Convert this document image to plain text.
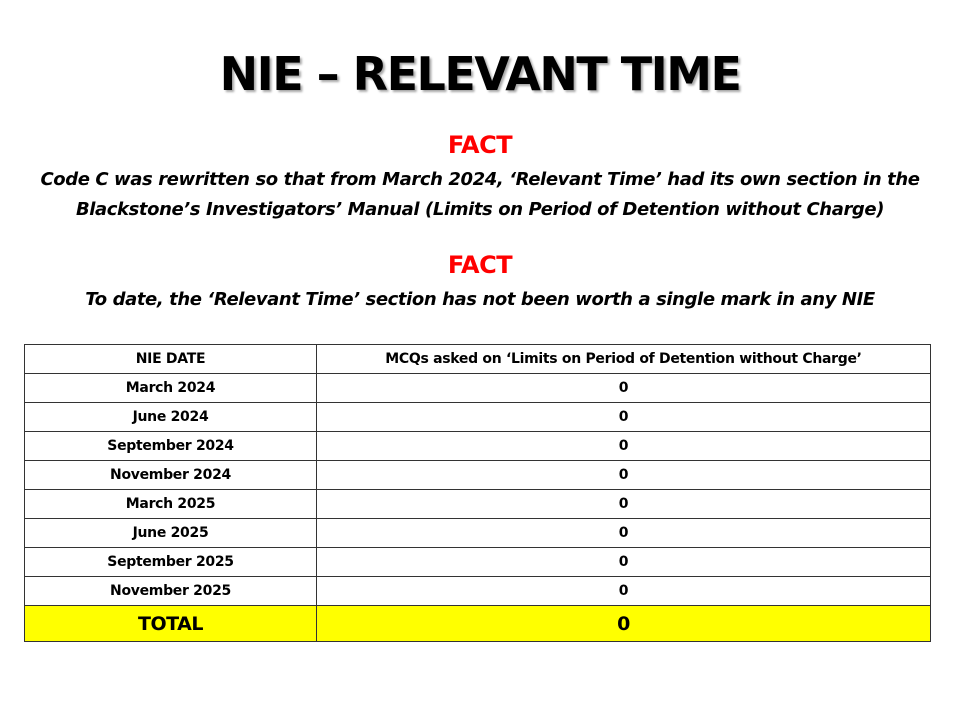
NIE – RELEVANT TIME
FACT
Code C was rewritten so that from March 2024, ‘Relevant Time’ had its own section in the
Blackstone’s Investigators’ Manual (Limits on Period of Detention without Charge)
FACT
To date, the ‘Relevant Time’ section has not been worth a single mark in any NIE
NIE DATE	MCQs asked on ‘Limits on Period of Detention without Charge’
March 2024	0
June 2024	0
September 2024	0
November 2024	0
March 2025	0
June 2025	0
September 2025	0
November 2025	0
TOTAL	0
